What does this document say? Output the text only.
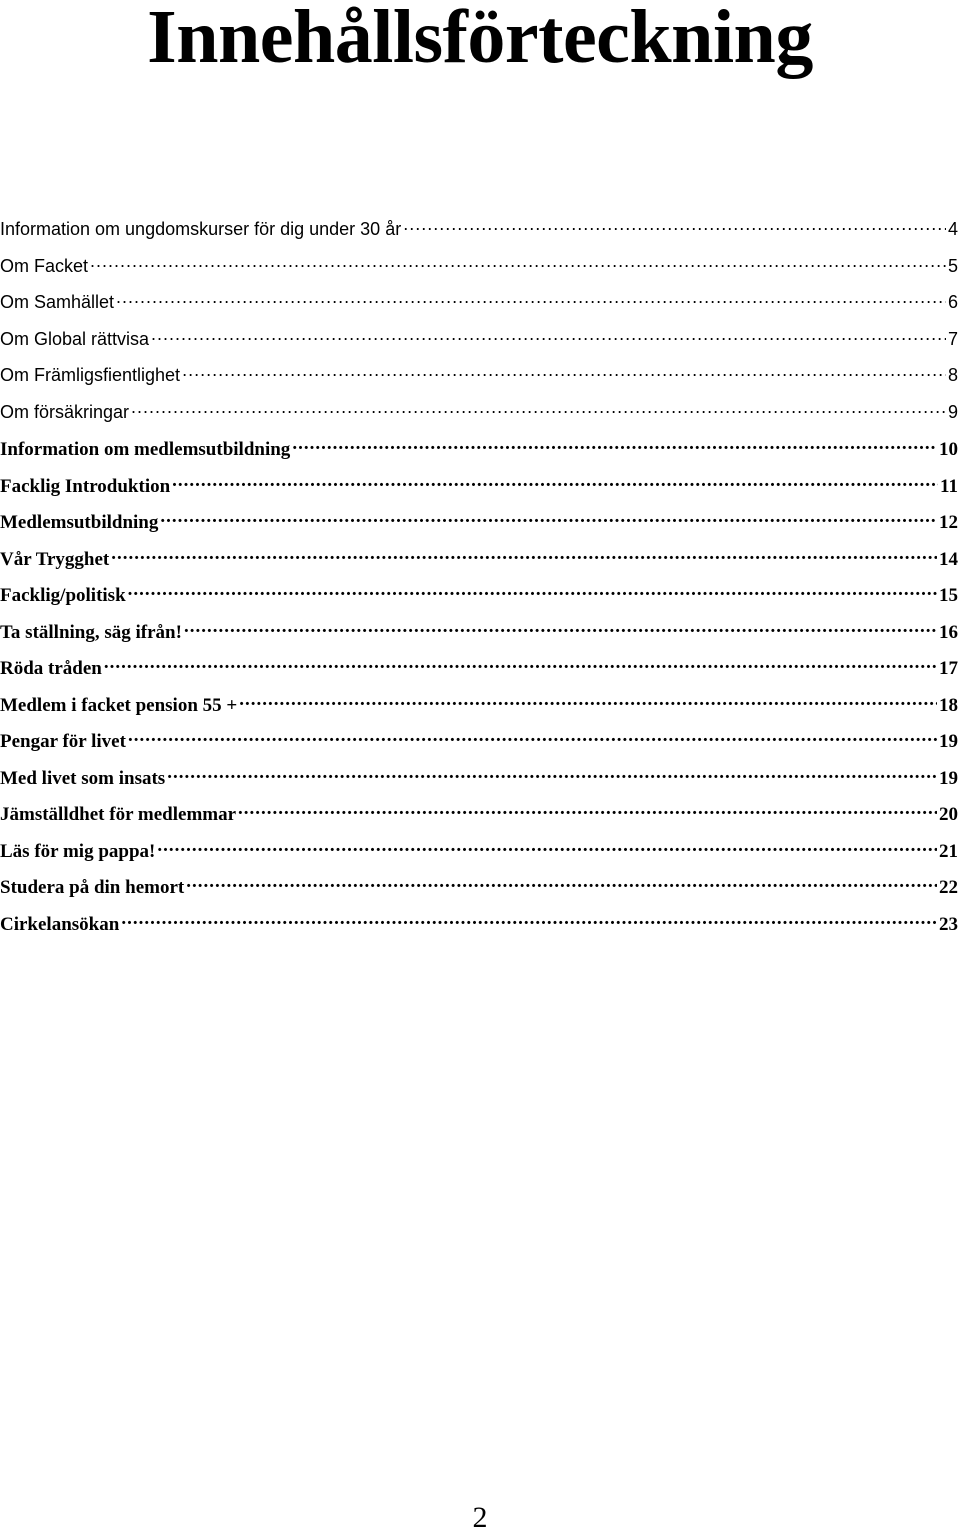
Innehållsförteckning
Information om ungdomskurser för dig under 30 år .....	4
Om Facket .....	5
Om Samhället .....	6
Om Global rättvisa .....	7
Om Främligsfientlighet .....	8
Om försäkringar .....	9
Information om medlemsutbildning .....	10
Facklig Introduktion .....	11
Medlemsutbildning .....	12
Vår Trygghet .....	14
Facklig/politisk .....	15
Ta ställning, säg ifrån! .....	16
Röda tråden .....	17
Medlem i facket pension 55 + .....	18
Pengar för livet .....	19
Med livet som insats .....	19
Jämställdhet för medlemmar .....	20
Läs för mig pappa! .....	21
Studera på din hemort .....	22
Cirkelansökan .....	23
2
